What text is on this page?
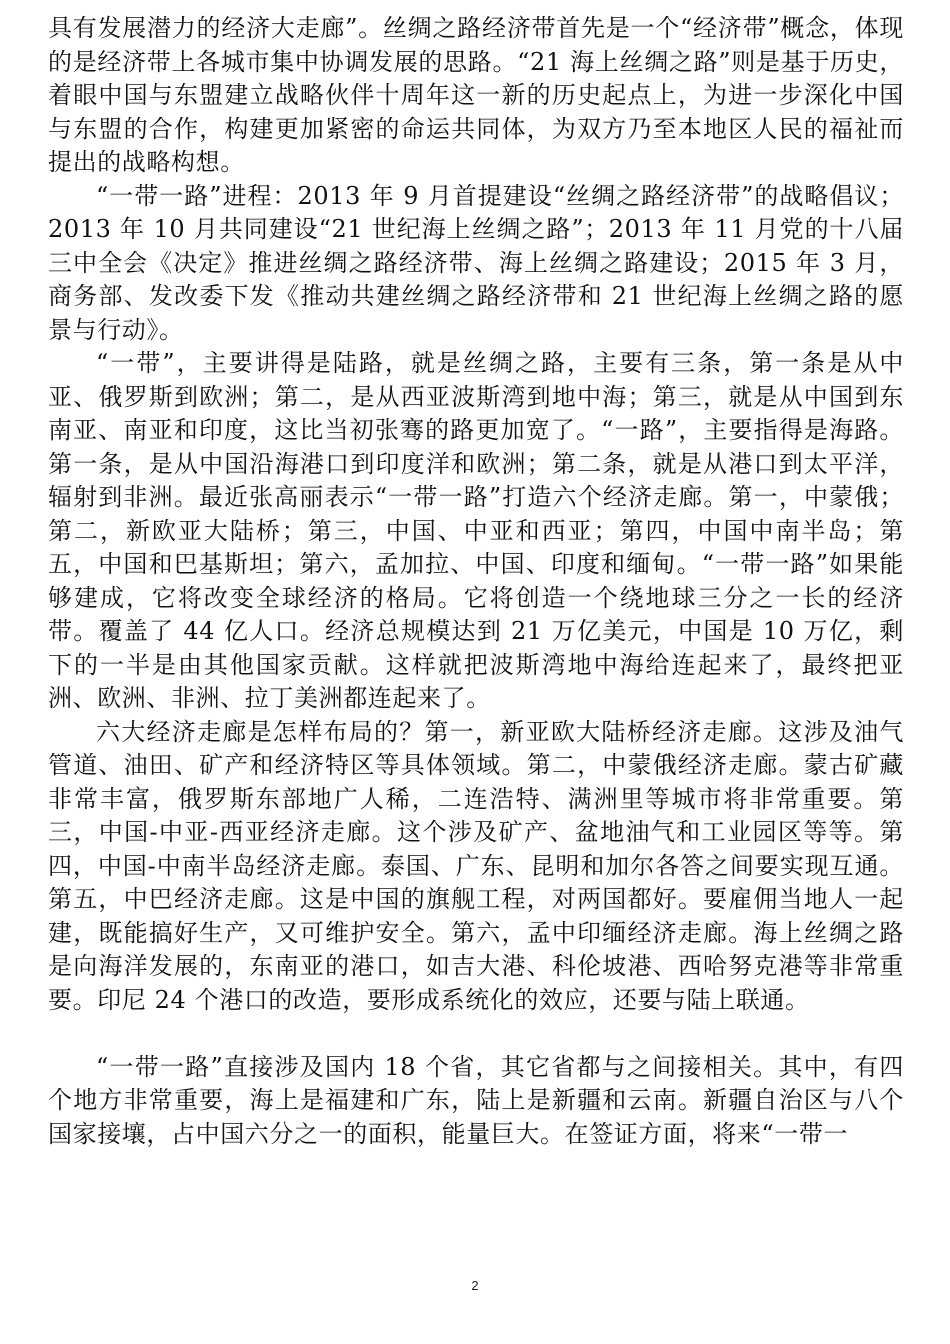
具有发展潜力的经济大走廊”。丝绸之路经济带首先是一个“经济带”概念，体现的是经济带上各城市集中协调发展的思路。“21 海上丝绸之路”则是基于历史，着眼中国与东盟建立战略伙伴十周年这一新的历史起点上，为进一步深化中国与东盟的合作，构建更加紧密的命运共同体，为双方乃至本地区人民的福祉而提出的战略构想。

“一带一路”进程：2013 年 9 月首提建设“丝绸之路经济带”的战略倡议；2013 年 10 月共同建设“21 世纪海上丝绸之路”；2013 年 11 月党的十八届三中全会《决定》推进丝绸之路经济带、海上丝绸之路建设；2015 年 3 月，商务部、发改委下发《推动共建丝绸之路经济带和 21 世纪海上丝绸之路的愿景与行动》。

“一带”，主要讲得是陆路，就是丝绸之路，主要有三条，第一条是从中亚、俄罗斯到欧洲；第二，是从西亚波斯湾到地中海；第三，就是从中国到东南亚、南亚和印度，这比当初张骞的路更加宽了。“一路”，主要指得是海路。第一条，是从中国沿海港口到印度洋和欧洲；第二条，就是从港口到太平洋，辐射到非洲。最近张高丽表示“一带一路”打造六个经济走廊。第一，中蒙俄；第二，新欧亚大陆桥；第三，中国、中亚和西亚；第四，中国中南半岛；第五，中国和巴基斯坦；第六，孟加拉、中国、印度和缅甸。“一带一路”如果能够建成，它将改变全球经济的格局。它将创造一个绕地球三分之一长的经济带。覆盖了 44 亿人口。经济总规模达到 21 万亿美元，中国是 10 万亿，剩下的一半是由其他国家贡献。这样就把波斯湾地中海给连起来了，最终把亚洲、欧洲、非洲、拉丁美洲都连起来了。

六大经济走廊是怎样布局的？第一，新亚欧大陆桥经济走廊。这涉及油气管道、油田、矿产和经济特区等具体领域。第二，中蒙俄经济走廊。蒙古矿藏非常丰富，俄罗斯东部地广人稀，二连浩特、满洲里等城市将非常重要。第三，中国-中亚-西亚经济走廊。这个涉及矿产、盆地油气和工业园区等等。第四，中国-中南半岛经济走廊。泰国、广东、昆明和加尔各答之间要实现互通。第五，中巴经济走廊。这是中国的旗舰工程，对两国都好。要雇佣当地人一起建，既能搞好生产，又可维护安全。第六，孟中印缅经济走廊。海上丝绸之路是向海洋发展的，东南亚的港口，如吉大港、科伦坡港、西哈努克港等非常重要。印尼 24 个港口的改造，要形成系统化的效应，还要与陆上联通。

“一带一路”直接涉及国内 18 个省，其它省都与之间接相关。其中，有四个地方非常重要，海上是福建和广东，陆上是新疆和云南。新疆自治区与八个国家接壤，占中国六分之一的面积，能量巨大。在签证方面，将来“一带一

2
